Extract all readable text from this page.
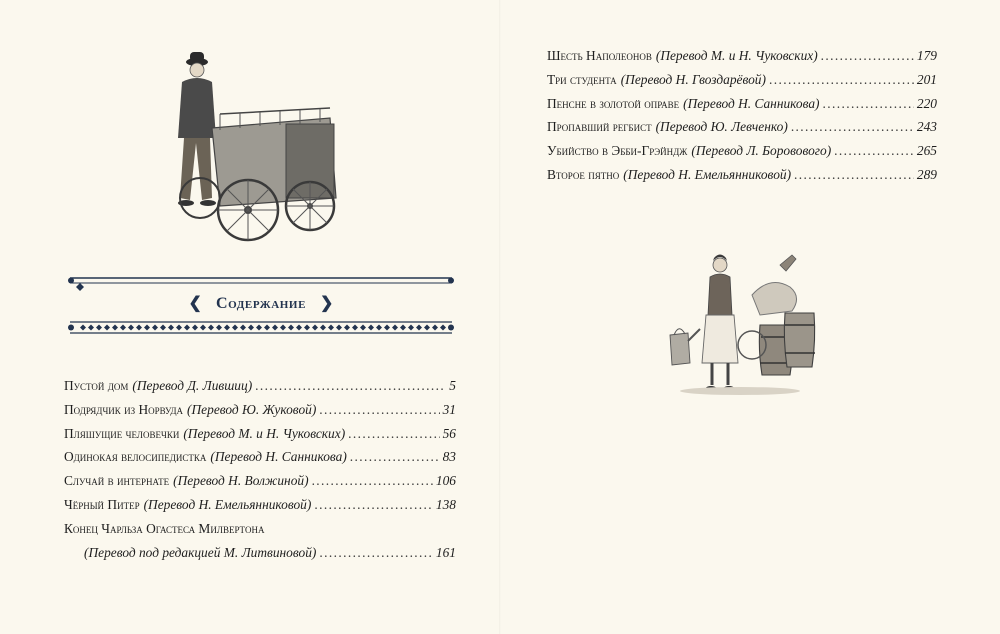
❮ Содержание ❯
Пустой дом (Перевод Д. Лившиц) .....	5
Подрядчик из Норвуда (Перевод Ю. Жуковой) .....	31
Пляшущие человечки (Перевод М. и Н. Чуковских) .....	56
Одинокая велосипедистка (Перевод Н. Санникова) .....	83
Случай в интернате (Перевод Н. Волжиной) .....	106
Чёрный Питер (Перевод Н. Емельянниковой) .....	138
Конец Чарльза Огастеса Милвертона
(Перевод под редакцией М. Литвиновой) .....	161
Шесть Наполеонов (Перевод М. и Н. Чуковских) .....	179
Три студента (Перевод Н. Гвоздарёвой) .....	201
Пенсне в золотой оправе (Перевод Н. Санникова) .....	220
Пропавший регбист (Перевод Ю. Левченко) .....	243
Убийство в Эбби-Грэйндж (Перевод Л. Боровового) .....	265
Второе пятно (Перевод Н. Емельянниковой) .....	289
